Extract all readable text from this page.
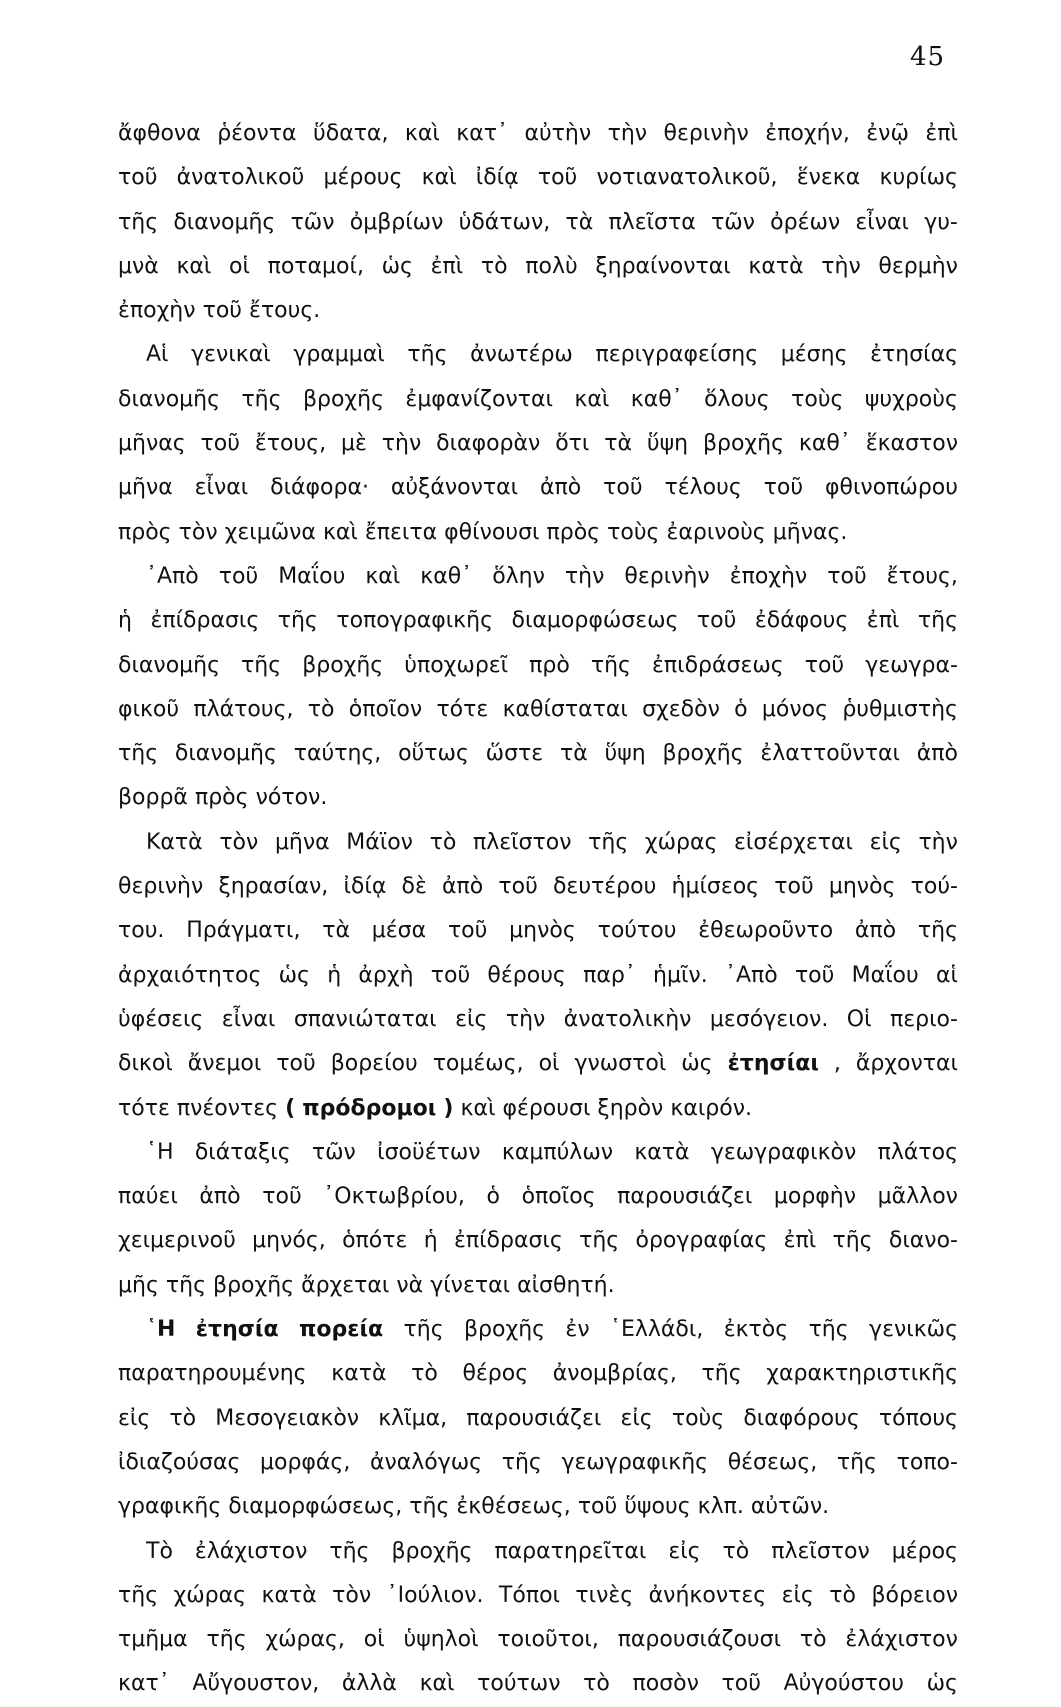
45
ἄφθονα ῥέοντα ὕδατα, καὶ κατ᾽ αὐτὴν τὴν θερινὴν ἐποχήν, ἐνῷ ἐπὶ
τοῦ ἀνατολικοῦ μέρους καὶ ἰδίᾳ τοῦ νοτιανατολικοῦ, ἕνεκα κυρίως
τῆς διανομῆς τῶν ὀμβρίων ὑδάτων, τὰ πλεῖστα τῶν ὀρέων εἶναι γυ-
μνὰ καὶ οἱ ποταμοί, ὡς ἐπὶ τὸ πολὺ ξηραίνονται κατὰ τὴν θερμὴν
ἐποχὴν τοῦ ἔτους.
Αἱ γενικαὶ γραμμαὶ τῆς ἀνωτέρω περιγραφείσης μέσης ἐτησίας
διανομῆς τῆς βροχῆς ἐμφανίζονται καὶ καθ᾽ ὅλους τοὺς ψυχροὺς
μῆνας τοῦ ἔτους, μὲ τὴν διαφορὰν ὅτι τὰ ὕψη βροχῆς καθ᾽ ἕκαστον
μῆνα εἶναι διάφορα· αὐξάνονται ἀπὸ τοῦ τέλους τοῦ φθινοπώρου
πρὸς τὸν χειμῶνα καὶ ἔπειτα φθίνουσι πρὸς τοὺς ἐαρινοὺς μῆνας.
᾽Απὸ τοῦ Μαΐου καὶ καθ᾽ ὅλην τὴν θερινὴν ἐποχὴν τοῦ ἔτους,
ἡ ἐπίδρασις τῆς τοπογραφικῆς διαμορφώσεως τοῦ ἐδάφους ἐπὶ τῆς
διανομῆς τῆς βροχῆς ὑποχωρεῖ πρὸ τῆς ἐπιδράσεως τοῦ γεωγρα-
φικοῦ πλάτους, τὸ ὁποῖον τότε καθίσταται σχεδὸν ὁ μόνος ῥυθμιστὴς
τῆς διανομῆς ταύτης, οὕτως ὥστε τὰ ὕψη βροχῆς ἐλαττοῦνται ἀπὸ
βορρᾶ πρὸς νότον.
Κατὰ τὸν μῆνα Μάϊον τὸ πλεῖστον τῆς χώρας εἰσέρχεται εἰς τὴν
θερινὴν ξηρασίαν, ἰδίᾳ δὲ ἀπὸ τοῦ δευτέρου ἡμίσεος τοῦ μηνὸς τού-
του. Πράγματι, τὰ μέσα τοῦ μηνὸς τούτου ἐθεωροῦντο ἀπὸ τῆς
ἀρχαιότητος ὡς ἡ ἀρχὴ τοῦ θέρους παρ᾽ ἡμῖν. ᾽Απὸ τοῦ Μαΐου αἱ
ὑφέσεις εἶναι σπανιώταται εἰς τὴν ἀνατολικὴν μεσόγειον. Οἱ περιο-
δικοὶ ἄνεμοι τοῦ βορείου τομέως, οἱ γνωστοὶ ὡς ἐτησίαι , ἄρχονται
τότε πνέοντες ( πρόδρομοι ) καὶ φέρουσι ξηρὸν καιρόν.
῾Η διάταξις τῶν ἰσοϋέτων καμπύλων κατὰ γεωγραφικὸν πλάτος
παύει ἀπὸ τοῦ ᾽Οκτωβρίου, ὁ ὁποῖος παρουσιάζει μορφὴν μᾶλλον
χειμερινοῦ μηνός, ὁπότε ἡ ἐπίδρασις τῆς ὀρογραφίας ἐπὶ τῆς διανο-
μῆς τῆς βροχῆς ἄρχεται νὰ γίνεται αἰσθητή.
῾Η ἐτησία πορεία τῆς βροχῆς ἐν ῾Ελλάδι, ἐκτὸς τῆς γενικῶς
παρατηρουμένης κατὰ τὸ θέρος ἀνομβρίας, τῆς χαρακτηριστικῆς
εἰς τὸ Μεσογειακὸν κλῖμα, παρουσιάζει εἰς τοὺς διαφόρους τόπους
ἰδιαζούσας μορφάς, ἀναλόγως τῆς γεωγραφικῆς θέσεως, τῆς τοπο-
γραφικῆς διαμορφώσεως, τῆς ἐκθέσεως, τοῦ ὕψους κλπ. αὐτῶν.
Τὸ ἐλάχιστον τῆς βροχῆς παρατηρεῖται εἰς τὸ πλεῖστον μέρος
τῆς χώρας κατὰ τὸν ᾽Ιούλιον. Τόποι τινὲς ἀνήκοντες εἰς τὸ βόρειον
τμῆμα τῆς χώρας, οἱ ὑψηλοὶ τοιοῦτοι, παρουσιάζουσι τὸ ἐλάχιστον
κατ᾽ Αὔγουστον, ἀλλὰ καὶ τούτων τὸ ποσὸν τοῦ Αὐγούστου ὡς
